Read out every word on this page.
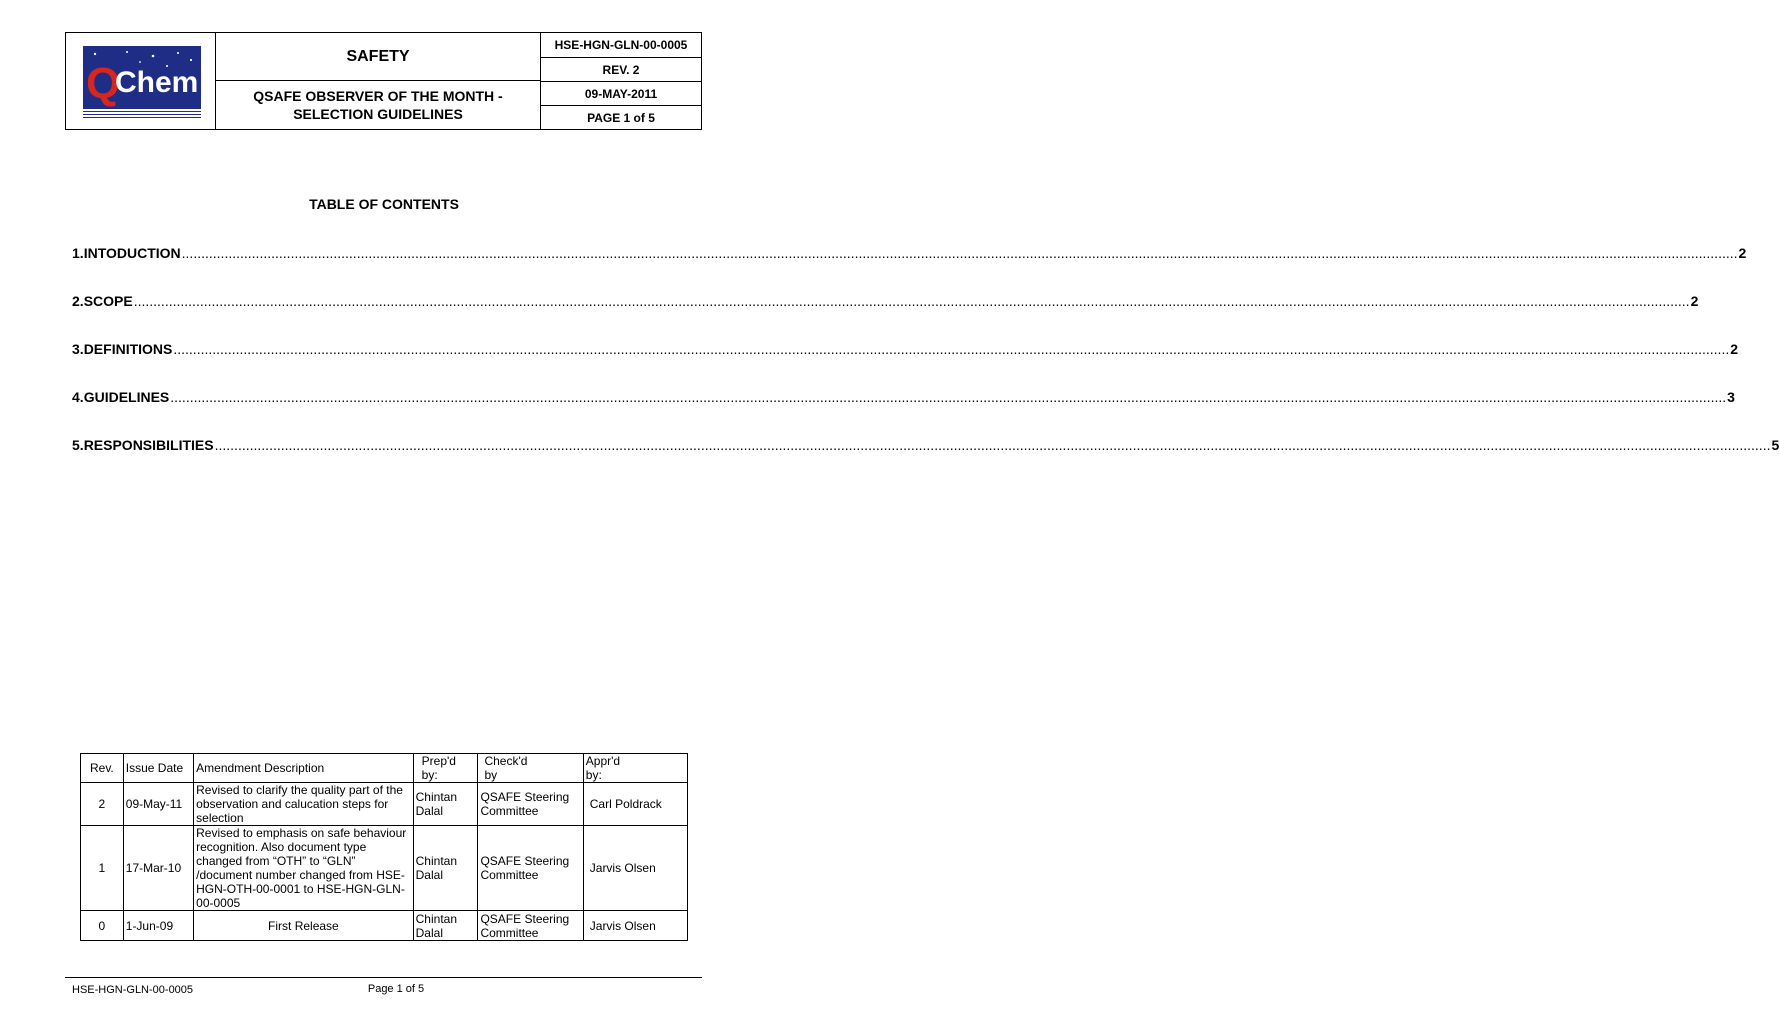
Q
Chem
SAFETY
QSAFE OBSERVER OF THE MONTH - SELECTION GUIDELINES
HSE-HGN-GLN-00-0005
REV. 2
09-MAY-2011
PAGE 1 of 5
TABLE OF CONTENTS
1. INTODUCTION ................................................................................................................................................................................................................................................................................................................................................................................................................ 2
2. SCOPE ................................................................................................................................................................................................................................................................................................................................................................................................................ 2
3. DEFINITIONS ................................................................................................................................................................................................................................................................................................................................................................................................................ 2
4. GUIDELINES ................................................................................................................................................................................................................................................................................................................................................................................................................ 3
5. RESPONSIBILITIES ................................................................................................................................................................................................................................................................................................................................................................................................................ 5
Rev.	Issue Date	Amendment Description	Prep'd by:	Check'd by	Appr'd by:

2	09-May-11	Revised to clarify the quality part of the observation and calucation steps for selection	Chintan Dalal	QSAFE Steering Committee	Carl Poldrack
1	17-Mar-10	Revised to emphasis on safe behaviour recognition. Also document type changed from “OTH” to “GLN” /document number changed from HSE-HGN-OTH-00-0001 to HSE-HGN-GLN-00-0005	Chintan Dalal	QSAFE Steering Committee	Jarvis Olsen
0	1-Jun-09	First Release	Chintan Dalal	QSAFE Steering Committee	Jarvis Olsen
HSE-HGN-GLN-00-0005	Page 1 of 5
